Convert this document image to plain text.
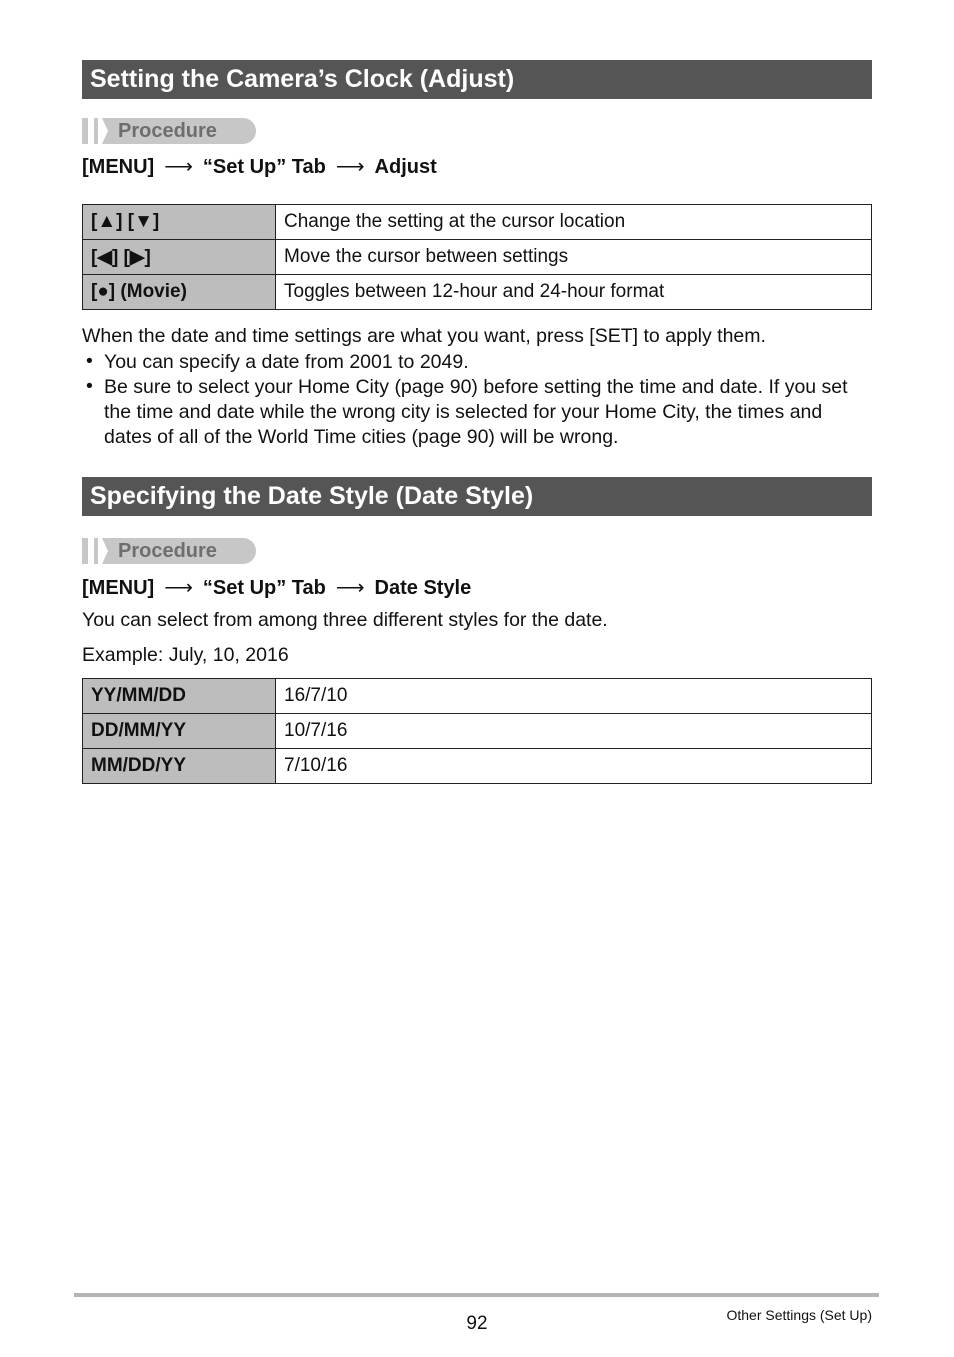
Setting the Camera’s Clock (Adjust)
Procedure
[MENU] ⟶ “Set Up” Tab ⟶ Adjust
[▲] [▼]	Change the setting at the cursor location
[◀] [▶]	Move the cursor between settings
[●] (Movie)	Toggles between 12-hour and 24-hour format
When the date and time settings are what you want, press [SET] to apply them.
• You can specify a date from 2001 to 2049.
• Be sure to select your Home City (page 90) before setting the time and date. If you set the time and date while the wrong city is selected for your Home City, the times and dates of all of the World Time cities (page 90) will be wrong.
Specifying the Date Style (Date Style)
Procedure
[MENU] ⟶ “Set Up” Tab ⟶ Date Style
You can select from among three different styles for the date.
Example: July, 10, 2016
YY/MM/DD	16/7/10
DD/MM/YY	10/7/16
MM/DD/YY	7/10/16
92	Other Settings (Set Up)
